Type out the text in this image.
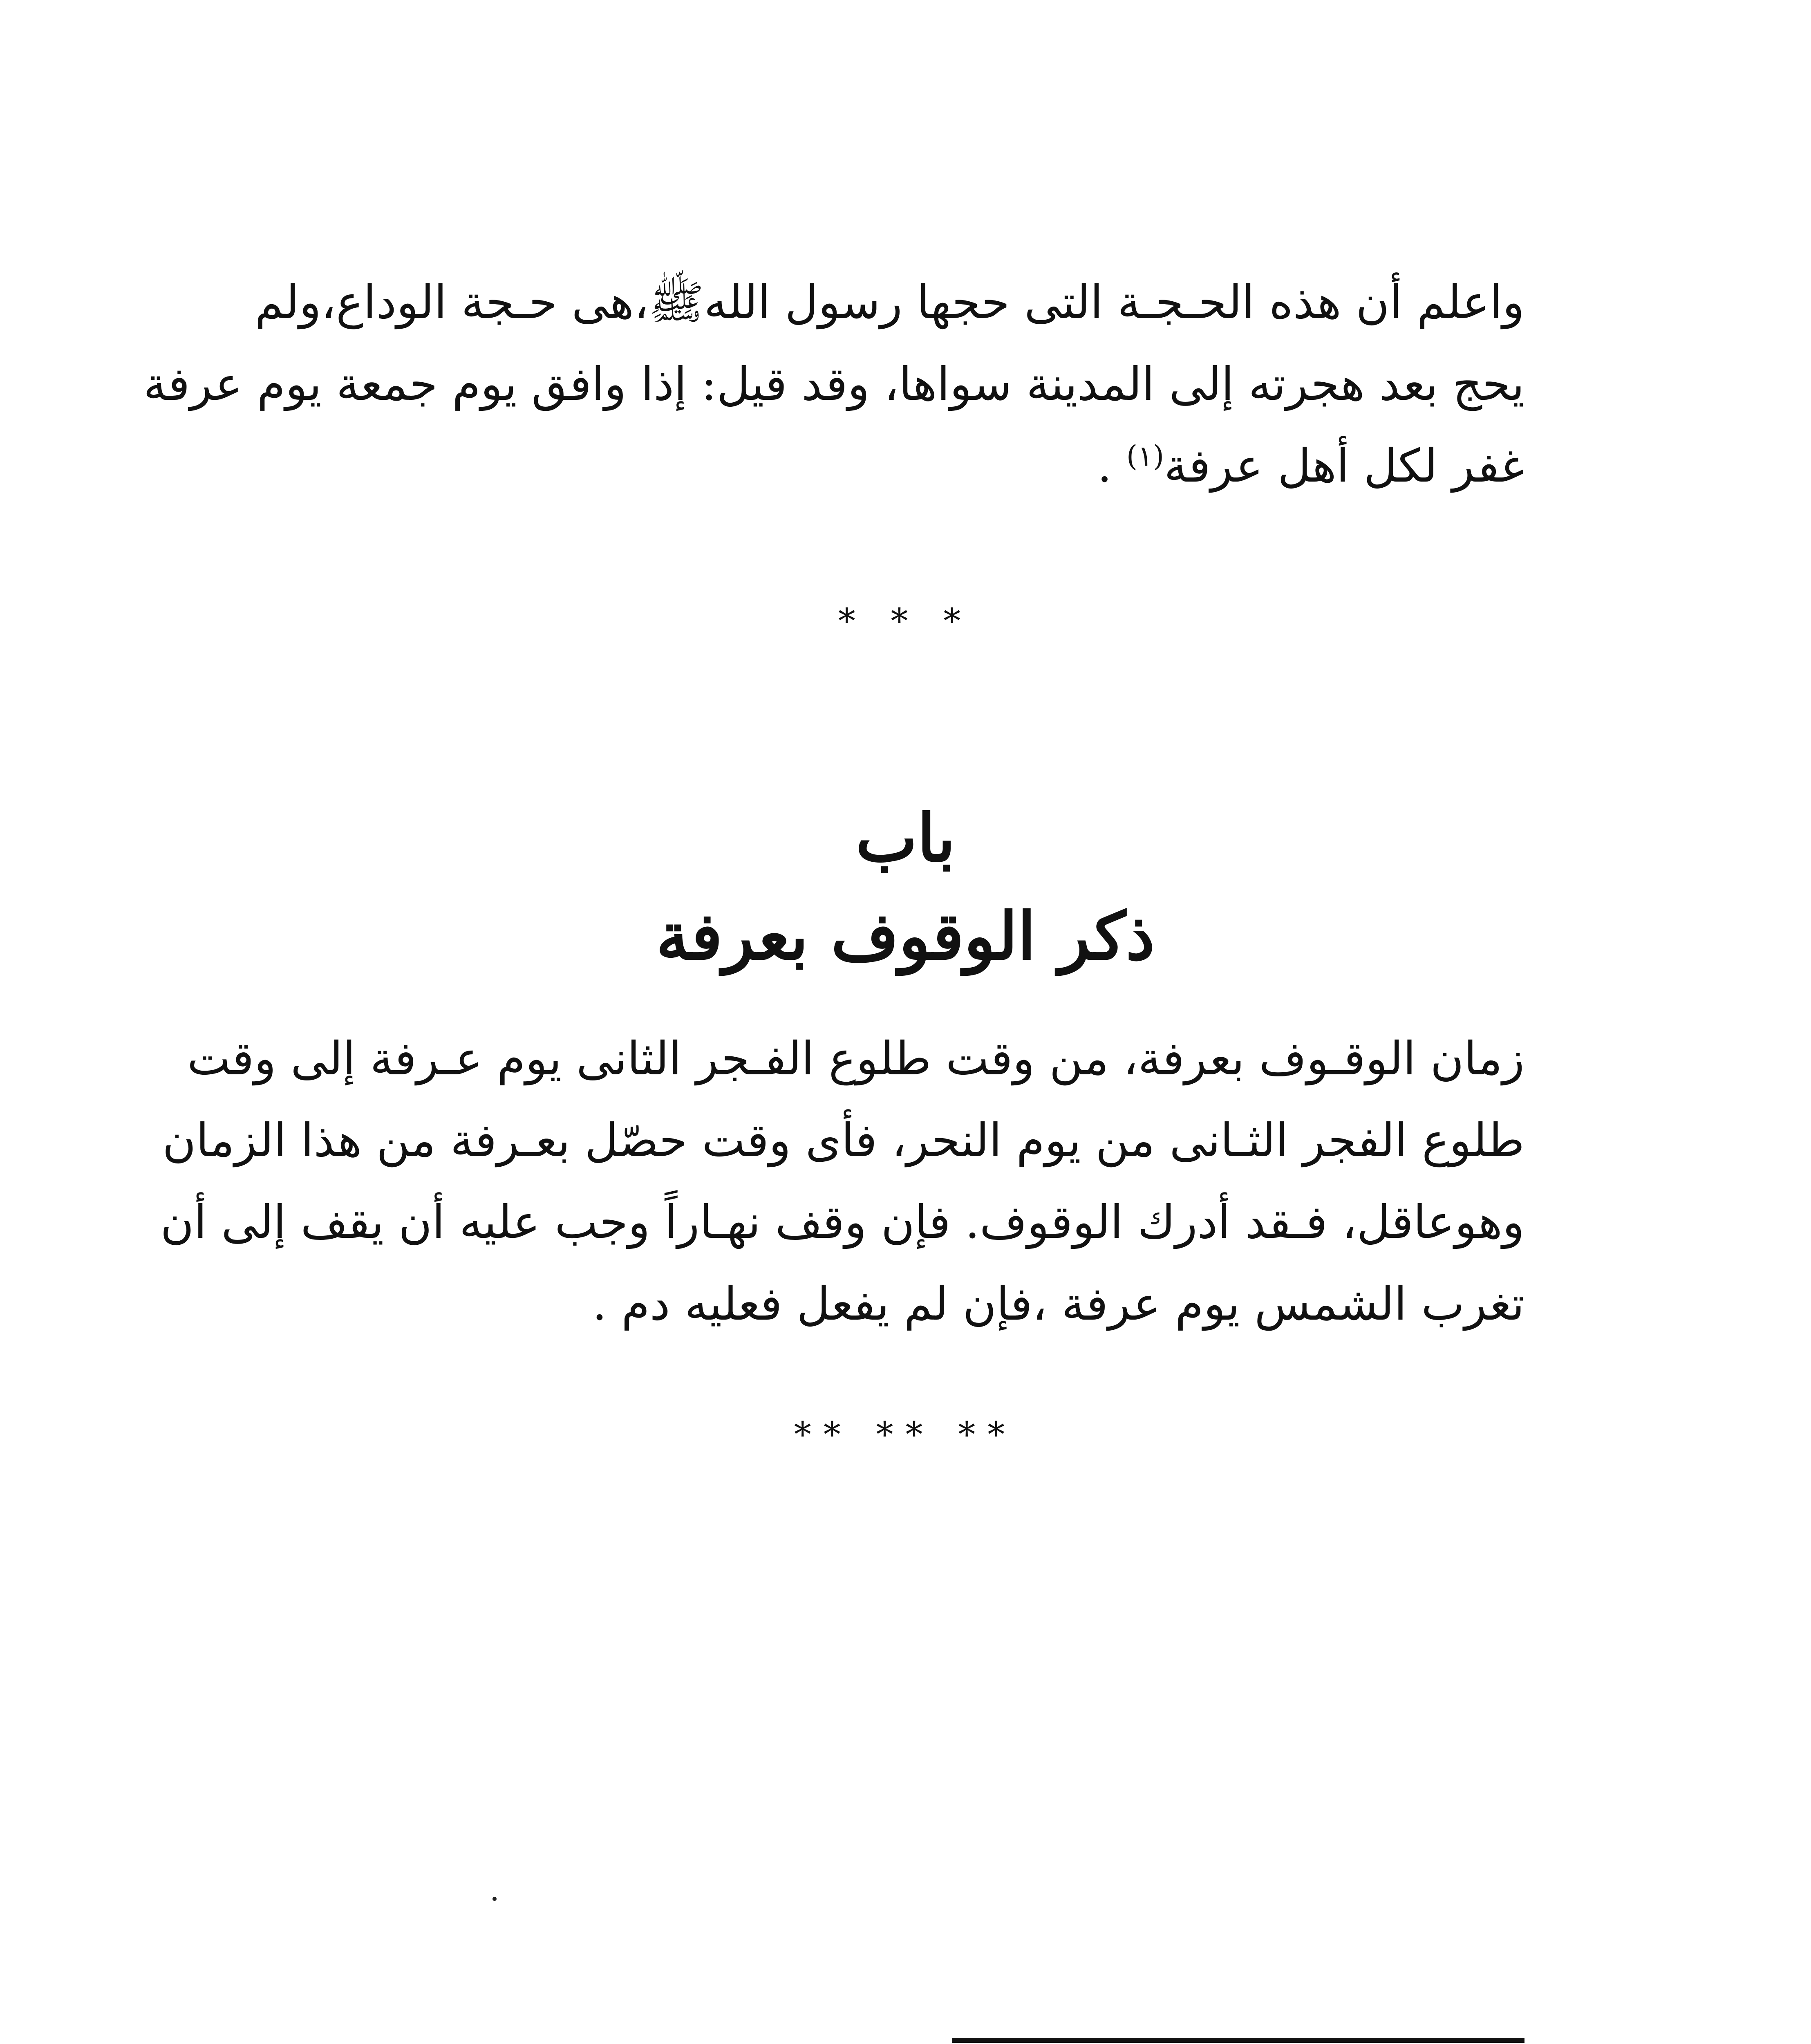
واعلم أن هذه الحـجـة التى حجها رسول اللهﷺ،هى حـجة الوداع،ولم
يحج بعد هجرته إلى المدينة سواها، وقد قيل: إذا وافق يوم جمعة يوم عرفة
غفر لكل أهل عرفة$^{(١)}$ .

* * *
باب
ذكر الوقوف بعرفة

زمان الوقـوف بعرفة، من وقت طلوع الفـجر الثانى يوم عـرفة إلى وقت
طلوع الفجر الثـانى من يوم النحر، فأى وقت حصّل بعـرفة من هذا الزمان
وهوعاقل، فـقد أدرك الوقوف. فإن وقف نهـاراً وجب عليه أن يقف إلى أن
تغرب الشمس يوم عرفة ،فإن لم يفعل فعليه دم .

** ** **
